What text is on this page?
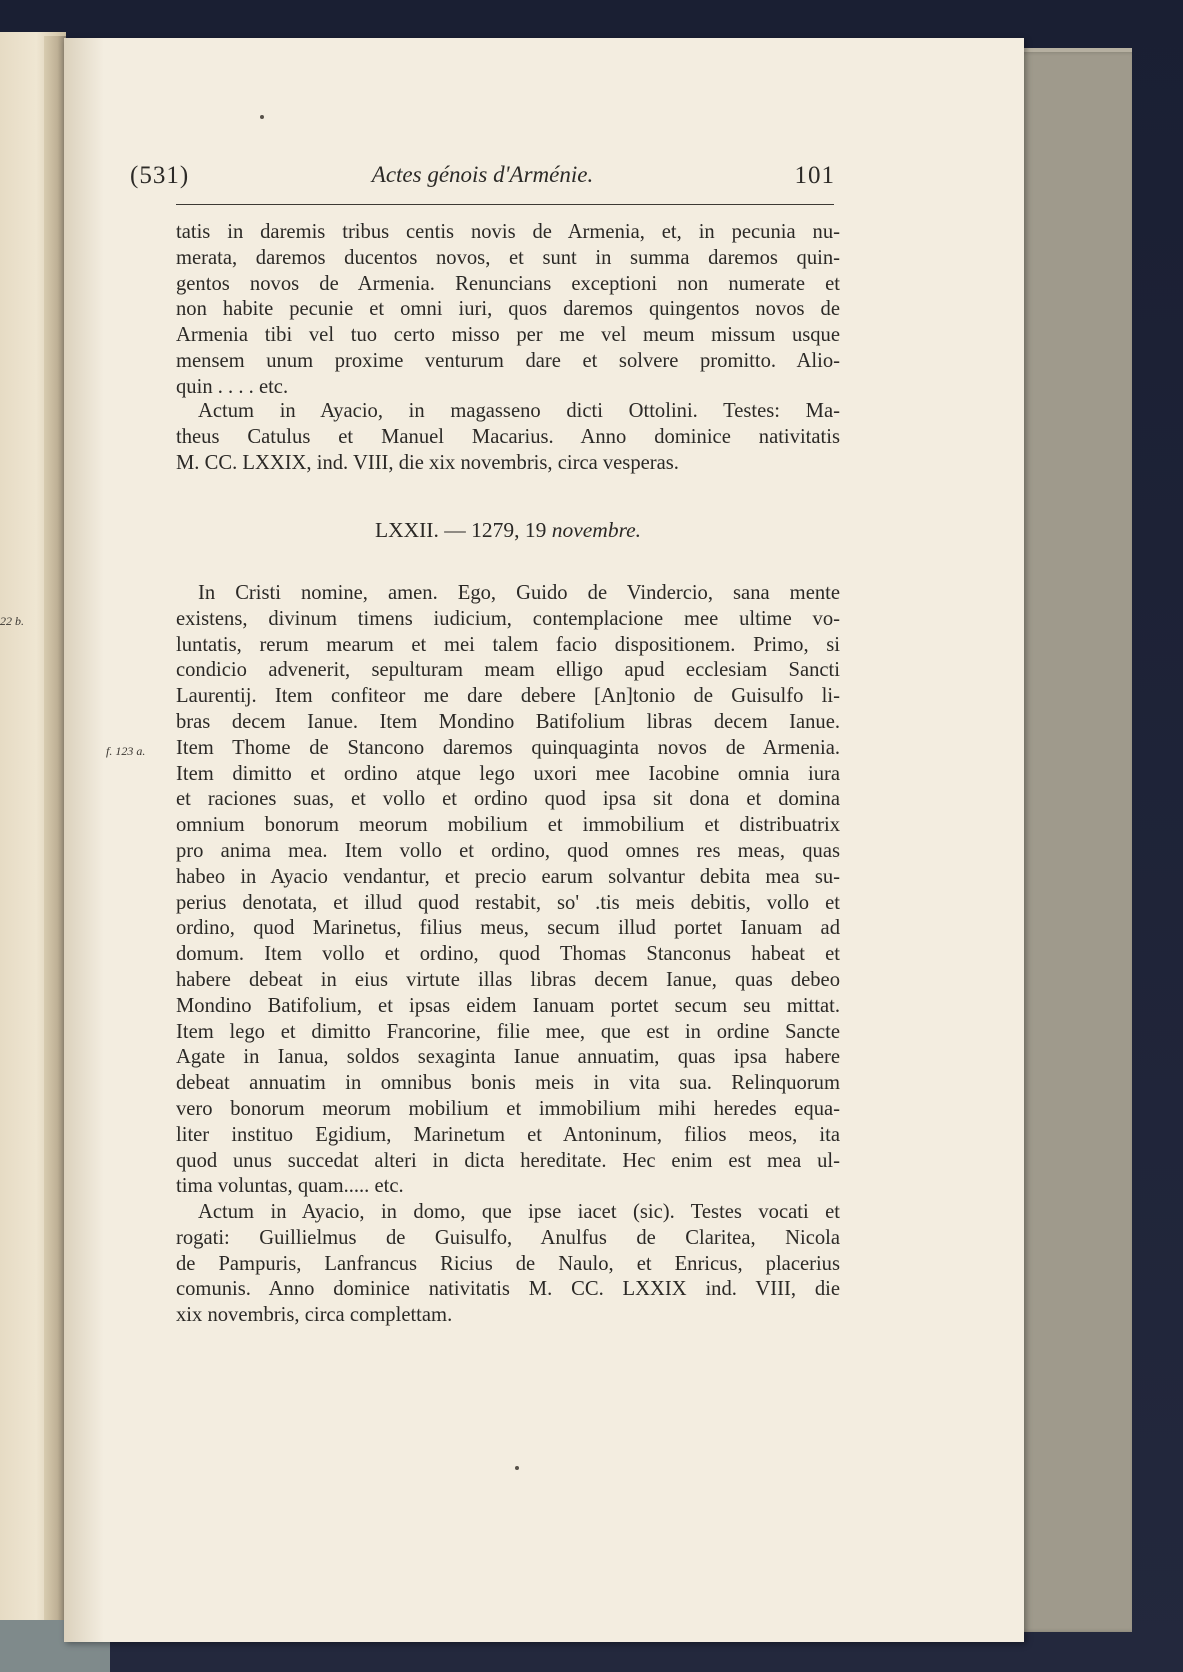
(531)	Actes génois d'Arménie.	101
tatis in daremis tribus centis novis de Armenia, et, in pecunia nu-
merata, daremos ducentos novos, et sunt in summa daremos quin-
gentos novos de Armenia. Renuncians exceptioni non numerate et
non habite pecunie et omni iuri, quos daremos quingentos novos de
Armenia tibi vel tuo certo misso per me vel meum missum usque
mensem unum proxime venturum dare et solvere promitto. Alio-
quin . . . . etc.
Actum in Ayacio, in magasseno dicti Ottolini. Testes: Ma-
theus Catulus et Manuel Macarius. Anno dominice nativitatis
M. CC. LXXIX, ind. VIII, die xix novembris, circa vesperas.
LXXII. — 1279, 19 novembre.
22 b.
f. 123 a.
In Cristi nomine, amen. Ego, Guido de Vindercio, sana mente
existens, divinum timens iudicium, contemplacione mee ultime vo-
luntatis, rerum mearum et mei talem facio dispositionem. Primo, si
condicio advenerit, sepulturam meam elligo apud ecclesiam Sancti
Laurentij. Item confiteor me dare debere [An]tonio de Guisulfo li-
bras decem Ianue. Item Mondino Batifolium libras decem Ianue.
Item Thome de Stancono daremos quinquaginta novos de Armenia.
Item dimitto et ordino atque lego uxori mee Iacobine omnia iura
et raciones suas, et vollo et ordino quod ipsa sit dona et domina
omnium bonorum meorum mobilium et immobilium et distribuatrix
pro anima mea. Item vollo et ordino, quod omnes res meas, quas
habeo in Ayacio vendantur, et precio earum solvantur debita mea su-
perius denotata, et illud quod restabit, so' .tis meis debitis, vollo et
ordino, quod Marinetus, filius meus, secum illud portet Ianuam ad
domum. Item vollo et ordino, quod Thomas Stanconus habeat et
habere debeat in eius virtute illas libras decem Ianue, quas debeo
Mondino Batifolium, et ipsas eidem Ianuam portet secum seu mittat.
Item lego et dimitto Francorine, filie mee, que est in ordine Sancte
Agate in Ianua, soldos sexaginta Ianue annuatim, quas ipsa habere
debeat annuatim in omnibus bonis meis in vita sua. Relinquorum
vero bonorum meorum mobilium et immobilium mihi heredes equa-
liter instituo Egidium, Marinetum et Antoninum, filios meos, ita
quod unus succedat alteri in dicta hereditate. Hec enim est mea ul-
tima voluntas, quam..... etc.
Actum in Ayacio, in domo, que ipse iacet (sic). Testes vocati et
rogati: Guillielmus de Guisulfo, Anulfus de Claritea, Nicola
de Pampuris, Lanfrancus Ricius de Naulo, et Enricus, placerius
comunis. Anno dominice nativitatis M. CC. LXXIX ind. VIII, die
xix novembris, circa complettam.
